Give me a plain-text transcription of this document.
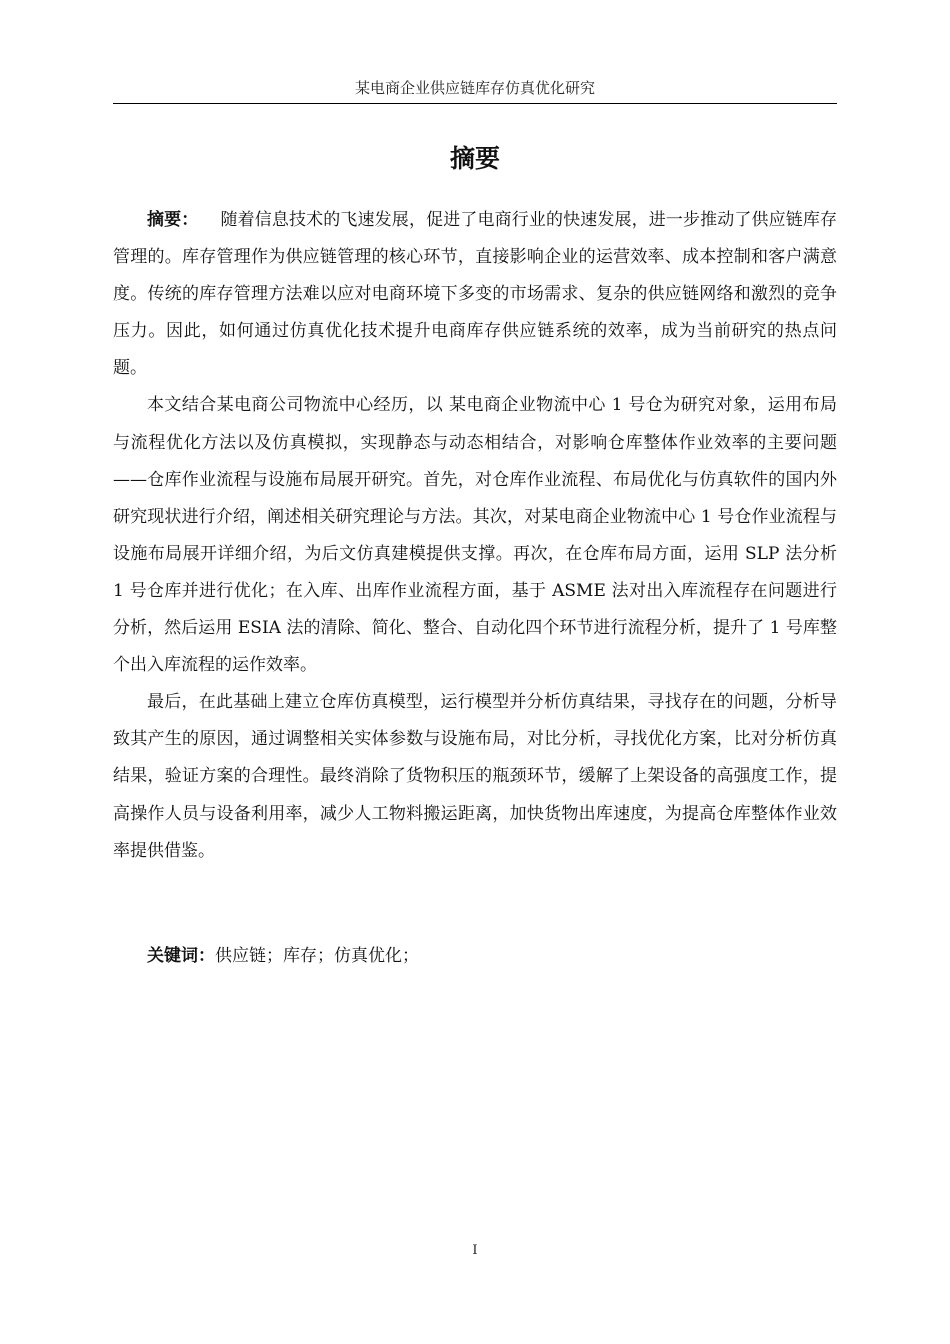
某电商企业供应链库存仿真优化研究
摘要

摘要： 随着信息技术的飞速发展，促进了电商行业的快速发展，进一步推动了供应链库存管理的。库存管理作为供应链管理的核心环节，直接影响企业的运营效率、成本控制和客户满意度。传统的库存管理方法难以应对电商环境下多变的市场需求、复杂的供应链网络和激烈的竞争压力。因此，如何通过仿真优化技术提升电商库存供应链系统的效率，成为当前研究的热点问题。

本文结合某电商公司物流中心经历，以 某电商企业物流中心 1 号仓为研究对象，运用布局与流程优化方法以及仿真模拟，实现静态与动态相结合，对影响仓库整体作业效率的主要问题——仓库作业流程与设施布局展开研究。首先，对仓库作业流程、布局优化与仿真软件的国内外研究现状进行介绍，阐述相关研究理论与方法。其次，对某电商企业物流中心 1 号仓作业流程与设施布局展开详细介绍，为后文仿真建模提供支撑。再次，在仓库布局方面，运用 SLP 法分析 1 号仓库并进行优化；在入库、出库作业流程方面，基于 ASME 法对出入库流程存在问题进行分析，然后运用 ESIA 法的清除、简化、整合、自动化四个环节进行流程分析，提升了 1 号库整个出入库流程的运作效率。

最后，在此基础上建立仓库仿真模型，运行模型并分析仿真结果，寻找存在的问题，分析导致其产生的原因，通过调整相关实体参数与设施布局，对比分析，寻找优化方案，比对分析仿真结果，验证方案的合理性。最终消除了货物积压的瓶颈环节，缓解了上架设备的高强度工作，提高操作人员与设备利用率，减少人工物料搬运距离，加快货物出库速度，为提高仓库整体作业效率提供借鉴。

关键词：供应链；库存；仿真优化；

I
